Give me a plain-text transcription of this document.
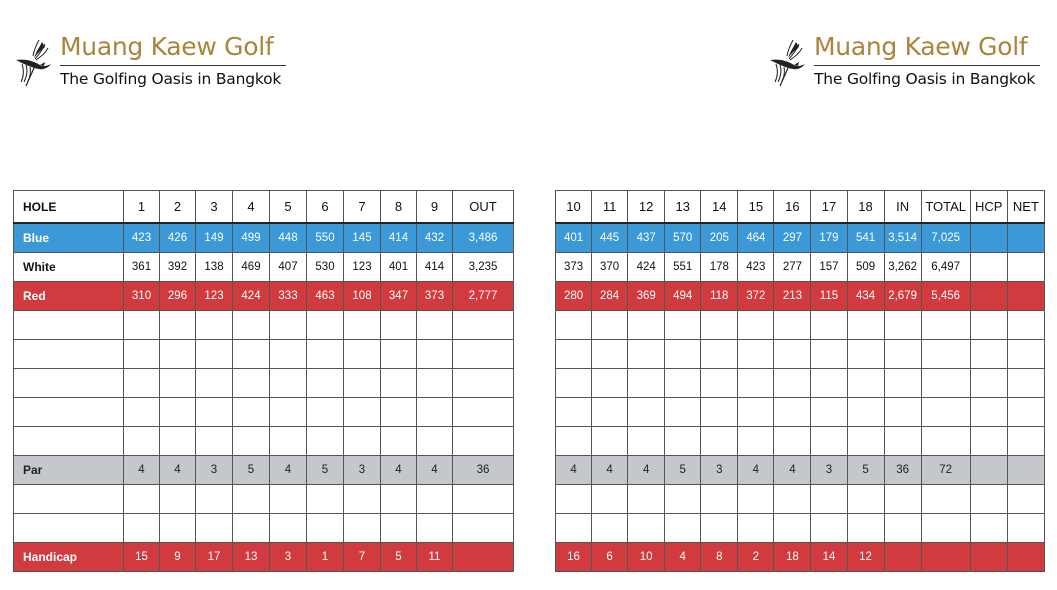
Muang Kaew Golf
The Golfing Oasis in Bangkok
Muang Kaew Golf
The Golfing Oasis in Bangkok
HOLE	1	2	3	4	5	6	7	8	9	OUT
Blue	423	426	149	499	448	550	145	414	432	3,486
White	361	392	138	469	407	530	123	401	414	3,235
Red	310	296	123	424	333	463	108	347	373	2,777

Par	4	4	3	5	4	5	3	4	4	36

Handicap	15	9	17	13	3	1	7	5	11	
10	11	12	13	14	15	16	17	18	IN	TOTAL	HCP	NET
401	445	437	570	205	464	297	179	541	3,514	7,025		
373	370	424	551	178	423	277	157	509	3,262	6,497		
280	284	369	494	118	372	213	115	434	2,679	5,456		

4	4	4	5	3	4	4	3	5	36	72		

16	6	10	4	8	2	18	14	12				
